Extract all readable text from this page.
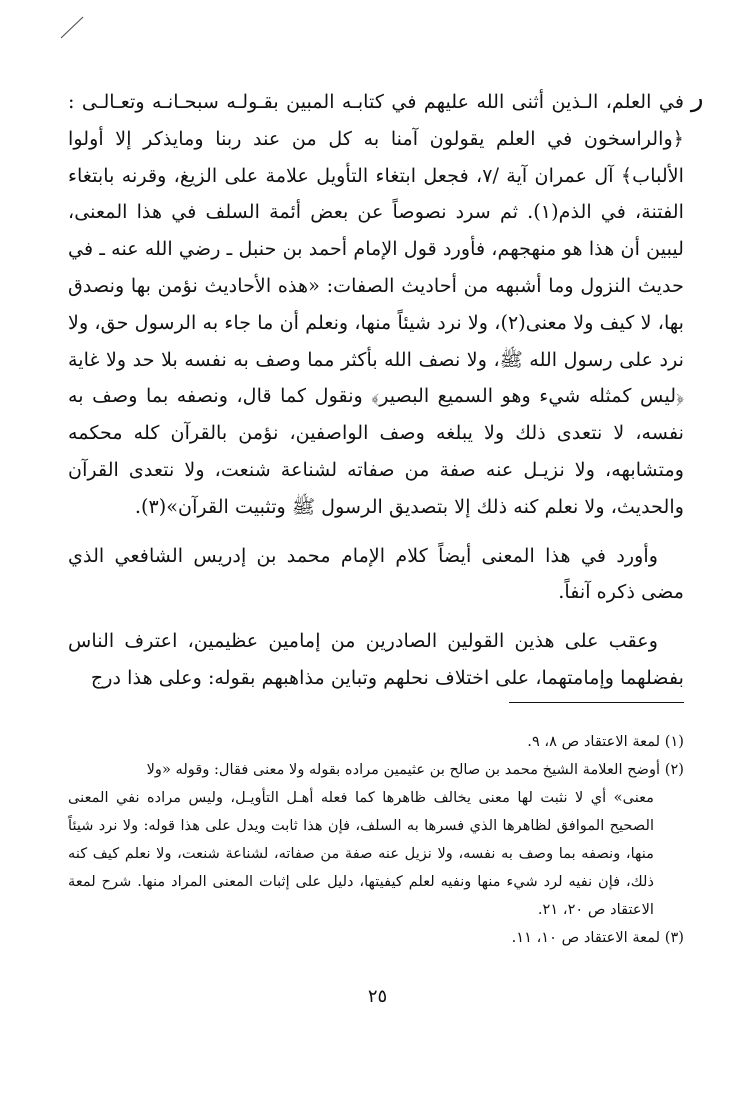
ر

في العلم، الـذين أثنى الله عليهم في كتابـه المبين بقـولـه سبحـانـه وتعـالـى : ﴿والراسخون في العلم يقولون آمنا به كل من عند ربنا ومايذكر إلا أولوا الألباب﴾ آل عمران آية /٧، فجعل ابتغاء التأويل علامة على الزيغ، وقرنه بابتغاء الفتنة، في الذم(١). ثم سرد نصوصاً عن بعض أئمة السلف في هذا المعنى، ليبين أن هذا هو منهجهم، فأورد قول الإمام أحمد بن حنبل ـ رضي الله عنه ـ في حديث النزول وما أشبهه من أحاديث الصفات: «هذه الأحاديث نؤمن بها ونصدق بها، لا كيف ولا معنى(٢)، ولا نرد شيئاً منها، ونعلم أن ما جاء به الرسول حق، ولا نرد على رسول الله ﷺ، ولا نصف الله بأكثر مما وصف به نفسه بلا حد ولا غاية ﴿ليس كمثله شيء وهو السميع البصير﴾ ونقول كما قال، ونصفه بما وصف به نفسه، لا نتعدى ذلك ولا يبلغه وصف الواصفين، نؤمن بالقرآن كله محكمه ومتشابهه، ولا نزيـل عنه صفة من صفاته لشناعة شنعت، ولا نتعدى القرآن والحديث، ولا نعلم كنه ذلك إلا بتصديق الرسول ﷺ وتثبيت القرآن»(٣).

وأورد في هذا المعنى أيضاً كلام الإمام محمد بن إدريس الشافعي الذي مضى ذكره آنفاً.

وعقب على هذين القولين الصادرين من إمامين عظيمين، اعترف الناس بفضلهما وإمامتهما، على اختلاف نحلهم وتباين مذاهبهم بقوله: وعلى هذا درج

(١) لمعة الاعتقاد ص ٨، ٩.

(٢) أوضح العلامة الشيخ محمد بن صالح بن عثيمين مراده بقوله ولا معنى فقال: وقوله «ولا

معنى» أي لا نثبت لها معنى يخالف ظاهرها كما فعله أهـل التأويـل، وليس مراده نفي المعنى الصحيح الموافق لظاهرها الذي فسرها به السلف، فإن هذا ثابت ويدل على هذا قوله: ولا نرد شيئاً منها، ونصفه بما وصف به نفسه، ولا نزيل عنه صفة من صفاته، لشناعة شنعت، ولا نعلم كيف كنه ذلك، فإن نفيه لرد شيء منها ونفيه لعلم كيفيتها، دليل على إثبات المعنى المراد منها. شرح لمعة الاعتقاد ص ٢٠، ٢١.

(٣) لمعة الاعتقاد ص ١٠، ١١.

٢٥
